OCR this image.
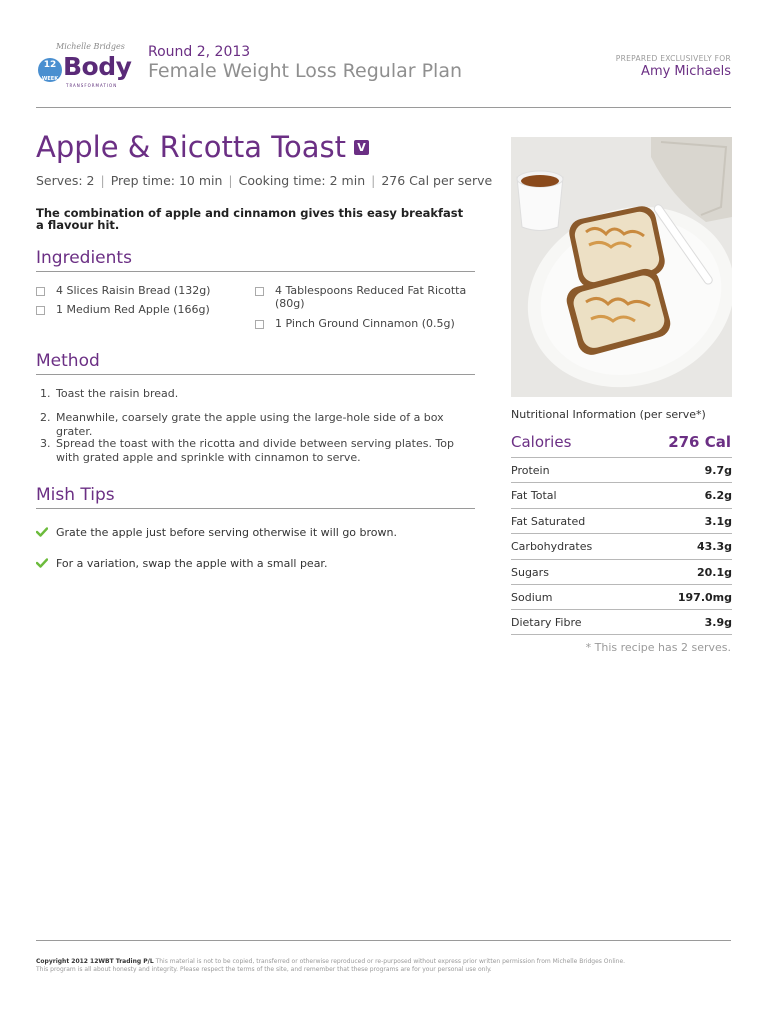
12
WEEK
Michelle Bridges
Body
TRANSFORMATION
Round 2, 2013
Female Weight Loss Regular Plan
PREPARED EXCLUSIVELY FOR
Amy Michaels
Apple & Ricotta Toast V
Serves: 2 | Prep time: 10 min | Cooking time: 2 min | 276 Cal per serve
The combination of apple and cinnamon gives this easy breakfast a flavour hit.
Ingredients
4 Slices Raisin Bread (132g)
1 Medium Red Apple (166g)
4 Tablespoons Reduced Fat Ricotta (80g)
1 Pinch Ground Cinnamon (0.5g)
Method
1. Toast the raisin bread.
2. Meanwhile, coarsely grate the apple using the large-hole side of a box grater.
3. Spread the toast with the ricotta and divide between serving plates. Top with grated apple and sprinkle with cinnamon to serve.
Mish Tips
Grate the apple just before serving otherwise it will go brown.
For a variation, swap the apple with a small pear.
Nutritional Information (per serve*)
Calories	276 Cal
Protein	9.7g
Fat Total	6.2g
Fat Saturated	3.1g
Carbohydrates	43.3g
Sugars	20.1g
Sodium	197.0mg
Dietary Fibre	3.9g
* This recipe has 2 serves.
Copyright 2012 12WBT Trading P/L This material is not to be copied, transferred or otherwise reproduced or re-purposed without express prior written permission from Michelle Bridges Online.
This program is all about honesty and integrity. Please respect the terms of the site, and remember that these programs are for your personal use only.
